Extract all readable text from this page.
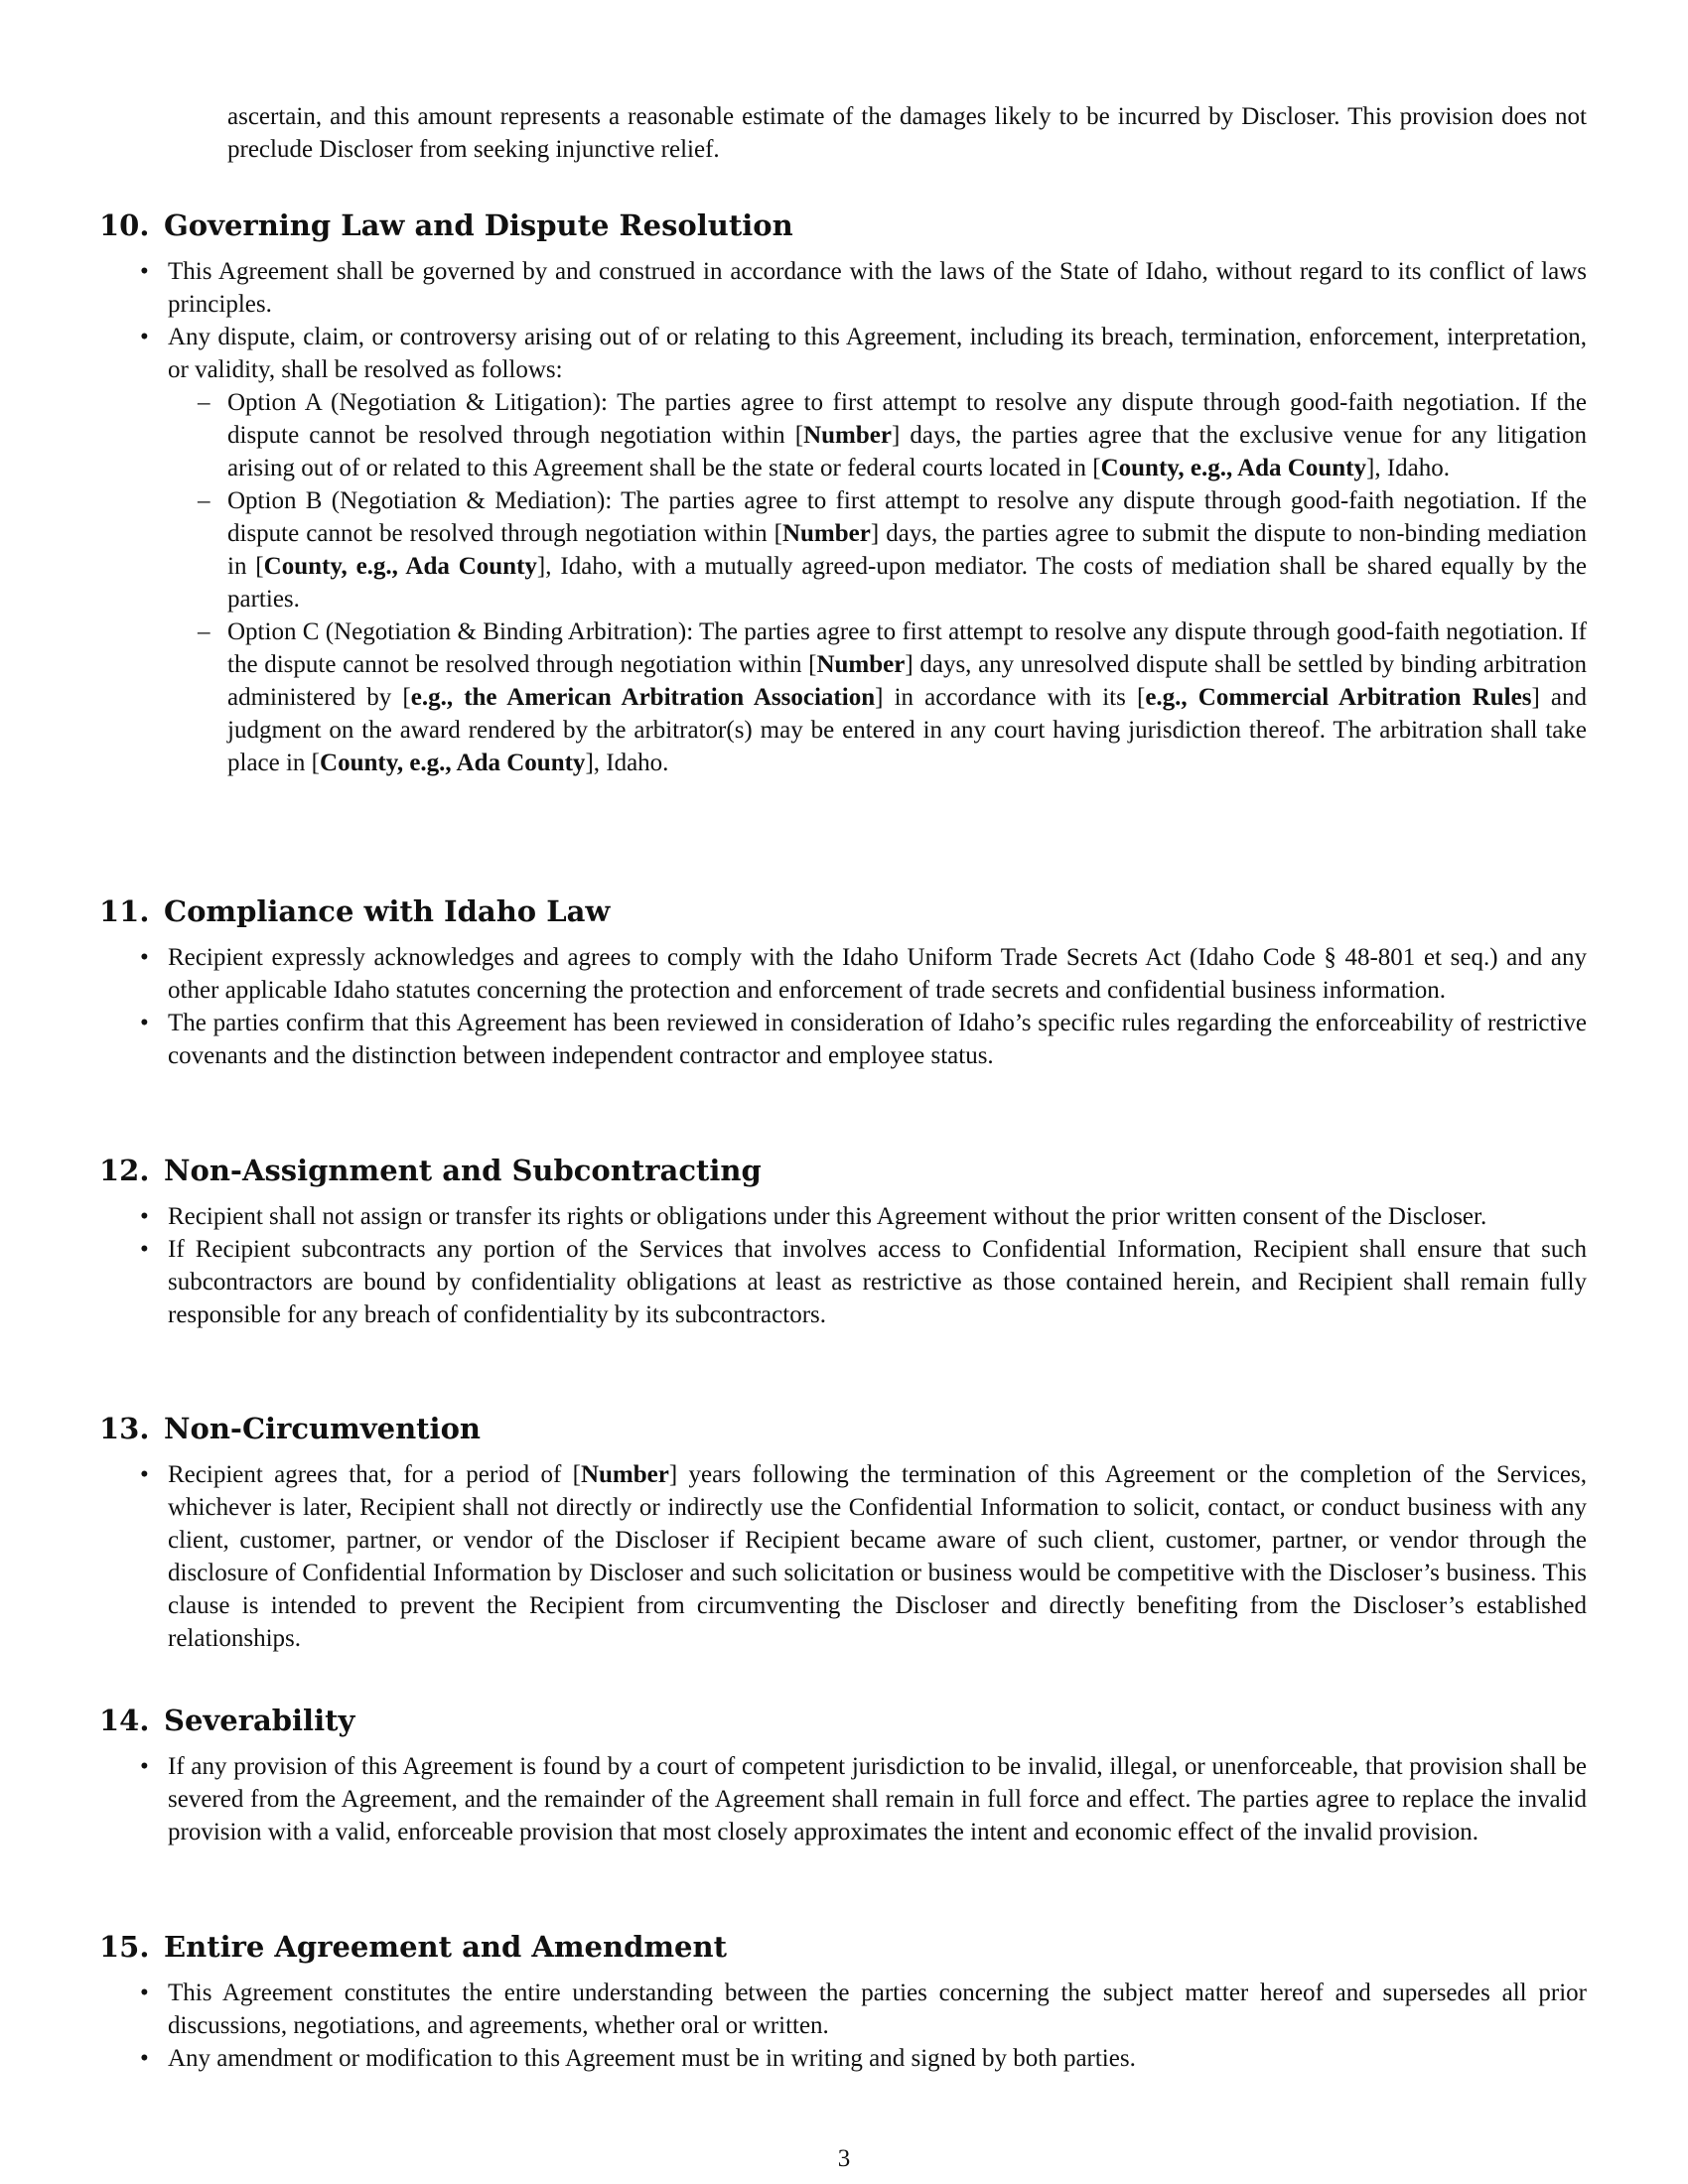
ascertain, and this amount represents a reasonable estimate of the damages likely to be incurred by Discloser. This provision does not preclude Discloser from seeking injunctive relief.
10. Governing Law and Dispute Resolution
• This Agreement shall be governed by and construed in accordance with the laws of the State of Idaho, without regard to its conflict of laws principles.
• Any dispute, claim, or controversy arising out of or relating to this Agreement, including its breach, termination, enforcement, interpretation, or validity, shall be resolved as follows:
– Option A (Negotiation & Litigation): The parties agree to first attempt to resolve any dispute through good-faith negotiation. If the dispute cannot be resolved through negotiation within [Number] days, the parties agree that the exclusive venue for any litigation arising out of or related to this Agreement shall be the state or federal courts located in [County, e.g., Ada County], Idaho.
– Option B (Negotiation & Mediation): The parties agree to first attempt to resolve any dispute through good-faith negotiation. If the dispute cannot be resolved through negotiation within [Number] days, the parties agree to submit the dispute to non-binding mediation in [County, e.g., Ada County], Idaho, with a mutually agreed-upon mediator. The costs of mediation shall be shared equally by the parties.
– Option C (Negotiation & Binding Arbitration): The parties agree to first attempt to resolve any dispute through good-faith negotiation. If the dispute cannot be resolved through negotiation within [Number] days, any unresolved dispute shall be settled by binding arbitration administered by [e.g., the American Arbitration Association] in accordance with its [e.g., Commercial Arbitration Rules] and judgment on the award rendered by the arbitrator(s) may be entered in any court having jurisdiction thereof. The arbitration shall take place in [County, e.g., Ada County], Idaho.
11. Compliance with Idaho Law
• Recipient expressly acknowledges and agrees to comply with the Idaho Uniform Trade Secrets Act (Idaho Code § 48-801 et seq.) and any other applicable Idaho statutes concerning the protection and enforcement of trade secrets and confidential business information.
• The parties confirm that this Agreement has been reviewed in consideration of Idaho’s specific rules regarding the enforceability of restrictive covenants and the distinction between independent contractor and employee status.
12. Non-Assignment and Subcontracting
• Recipient shall not assign or transfer its rights or obligations under this Agreement without the prior written consent of the Discloser.
• If Recipient subcontracts any portion of the Services that involves access to Confidential Information, Recipient shall ensure that such subcontractors are bound by confidentiality obligations at least as restrictive as those contained herein, and Recipient shall remain fully responsible for any breach of confidentiality by its subcontractors.
13. Non-Circumvention
• Recipient agrees that, for a period of [Number] years following the termination of this Agreement or the completion of the Services, whichever is later, Recipient shall not directly or indirectly use the Confidential Information to solicit, contact, or conduct business with any client, customer, partner, or vendor of the Discloser if Recipient became aware of such client, customer, partner, or vendor through the disclosure of Confidential Information by Discloser and such solicitation or business would be competitive with the Discloser’s business. This clause is intended to prevent the Recipient from circumventing the Discloser and directly benefiting from the Discloser’s established relationships.
14. Severability
• If any provision of this Agreement is found by a court of competent jurisdiction to be invalid, illegal, or unenforceable, that provision shall be severed from the Agreement, and the remainder of the Agreement shall remain in full force and effect. The parties agree to replace the invalid provision with a valid, enforceable provision that most closely approximates the intent and economic effect of the invalid provision.
15. Entire Agreement and Amendment
• This Agreement constitutes the entire understanding between the parties concerning the subject matter hereof and supersedes all prior discussions, negotiations, and agreements, whether oral or written.
• Any amendment or modification to this Agreement must be in writing and signed by both parties.
3
